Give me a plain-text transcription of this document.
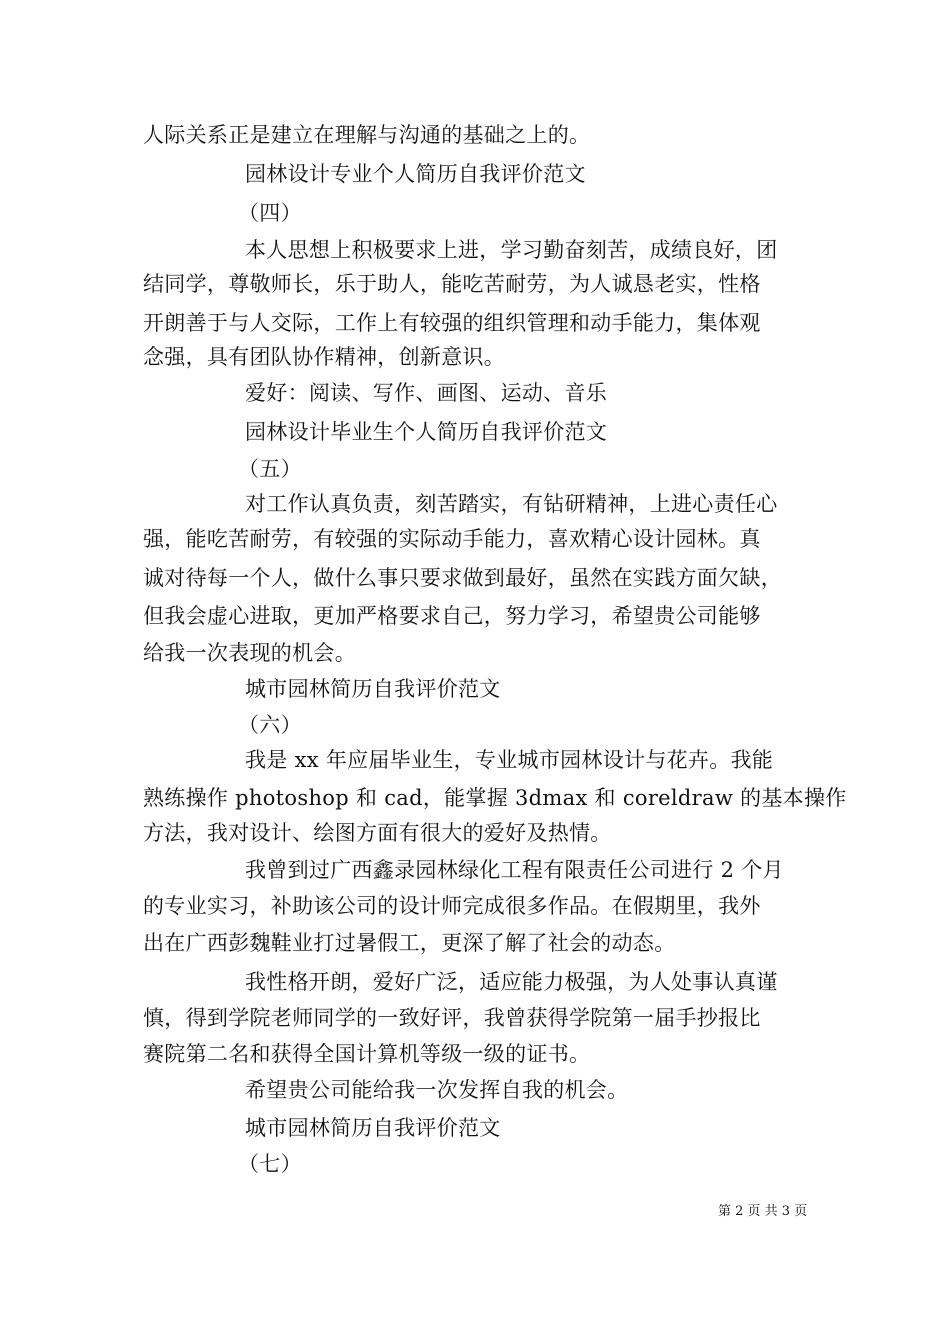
人际关系正是建立在理解与沟通的基础之上的。
园林设计专业个人简历自我评价范文
（四）
本人思想上积极要求上进，学习勤奋刻苦，成绩良好，团
结同学，尊敬师长，乐于助人，能吃苦耐劳，为人诚恳老实，性格
开朗善于与人交际，工作上有较强的组织管理和动手能力，集体观
念强，具有团队协作精神，创新意识。
爱好：阅读、写作、画图、运动、音乐
园林设计毕业生个人简历自我评价范文
（五）
对工作认真负责，刻苦踏实，有钻研精神，上进心责任心
强，能吃苦耐劳，有较强的实际动手能力，喜欢精心设计园林。真
诚对待每一个人，做什么事只要求做到最好，虽然在实践方面欠缺，
但我会虚心进取，更加严格要求自己，努力学习，希望贵公司能够
给我一次表现的机会。
城市园林简历自我评价范文
（六）
我是 xx 年应届毕业生，专业城市园林设计与花卉。我能
熟练操作 photoshop 和 cad，能掌握 3dmax 和 coreldraw 的基本操作
方法，我对设计、绘图方面有很大的爱好及热情。
我曾到过广西鑫录园林绿化工程有限责任公司进行 2 个月
的专业实习，补助该公司的设计师完成很多作品。在假期里，我外
出在广西彭魏鞋业打过暑假工，更深了解了社会的动态。
我性格开朗，爱好广泛，适应能力极强，为人处事认真谨
慎，得到学院老师同学的一致好评，我曾获得学院第一届手抄报比
赛院第二名和获得全国计算机等级一级的证书。
希望贵公司能给我一次发挥自我的机会。
城市园林简历自我评价范文
（七）
第 2 页 共 3 页
